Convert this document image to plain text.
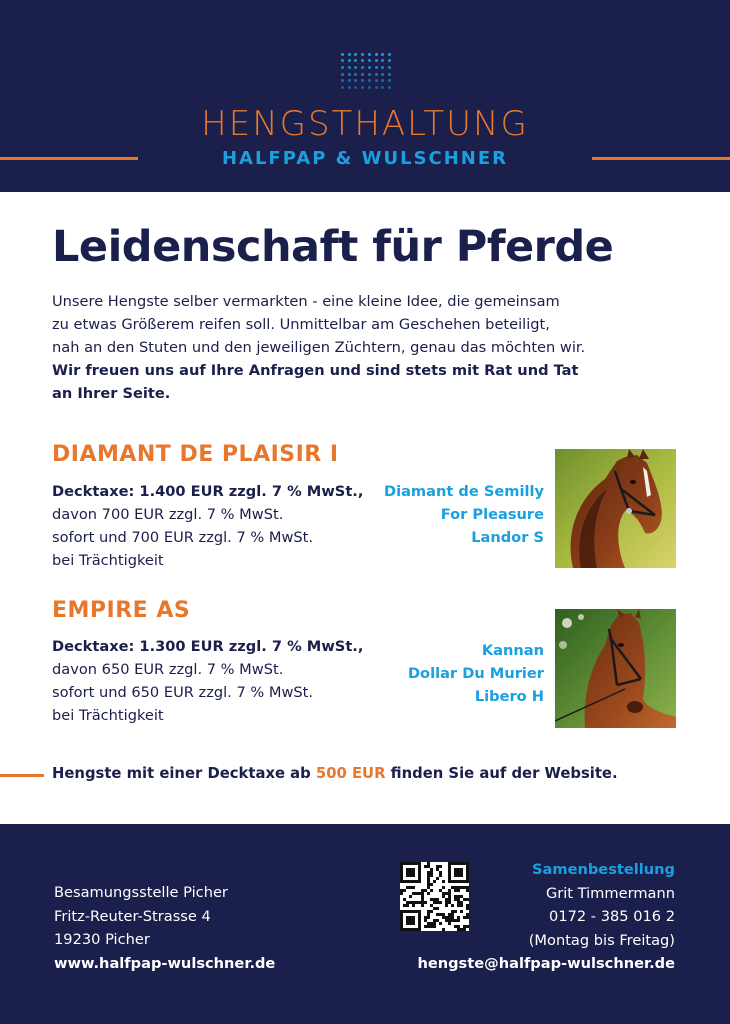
HENGSTHALTUNG
HALFPAP & WULSCHNER
Leidenschaft für Pferde

Unsere Hengste selber vermarkten - eine kleine Idee, die gemeinsam

zu etwas Größerem reifen soll. Unmittelbar am Geschehen beteiligt,

nah an den Stuten und den jeweiligen Züchtern, genau das möchten wir.

Wir freuen uns auf Ihre Anfragen und sind stets mit Rat und Tat

an Ihrer Seite.

DIAMANT DE PLAISIR I

Decktaxe: 1.400 EUR zzgl. 7 % MwSt.,

davon 700 EUR zzgl. 7 % MwSt.

sofort und 700 EUR zzgl. 7 % MwSt.

bei Trächtigkeit

Diamant de Semilly

For Pleasure

Landor S

EMPIRE AS

Decktaxe: 1.300 EUR zzgl. 7 % MwSt.,

davon 650 EUR zzgl. 7 % MwSt.

sofort und 650 EUR zzgl. 7 % MwSt.

bei Trächtigkeit

Kannan

Dollar Du Murier

Libero H

Hengste mit einer Decktaxe ab 500 EUR finden Sie auf der Website.

Besamungsstelle Picher

Fritz-Reuter-Strasse 4

19230 Picher

www.halfpap-wulschner.de

Samenbestellung

Grit Timmermann

0172 - 385 016 2

(Montag bis Freitag)

hengste@halfpap-wulschner.de
